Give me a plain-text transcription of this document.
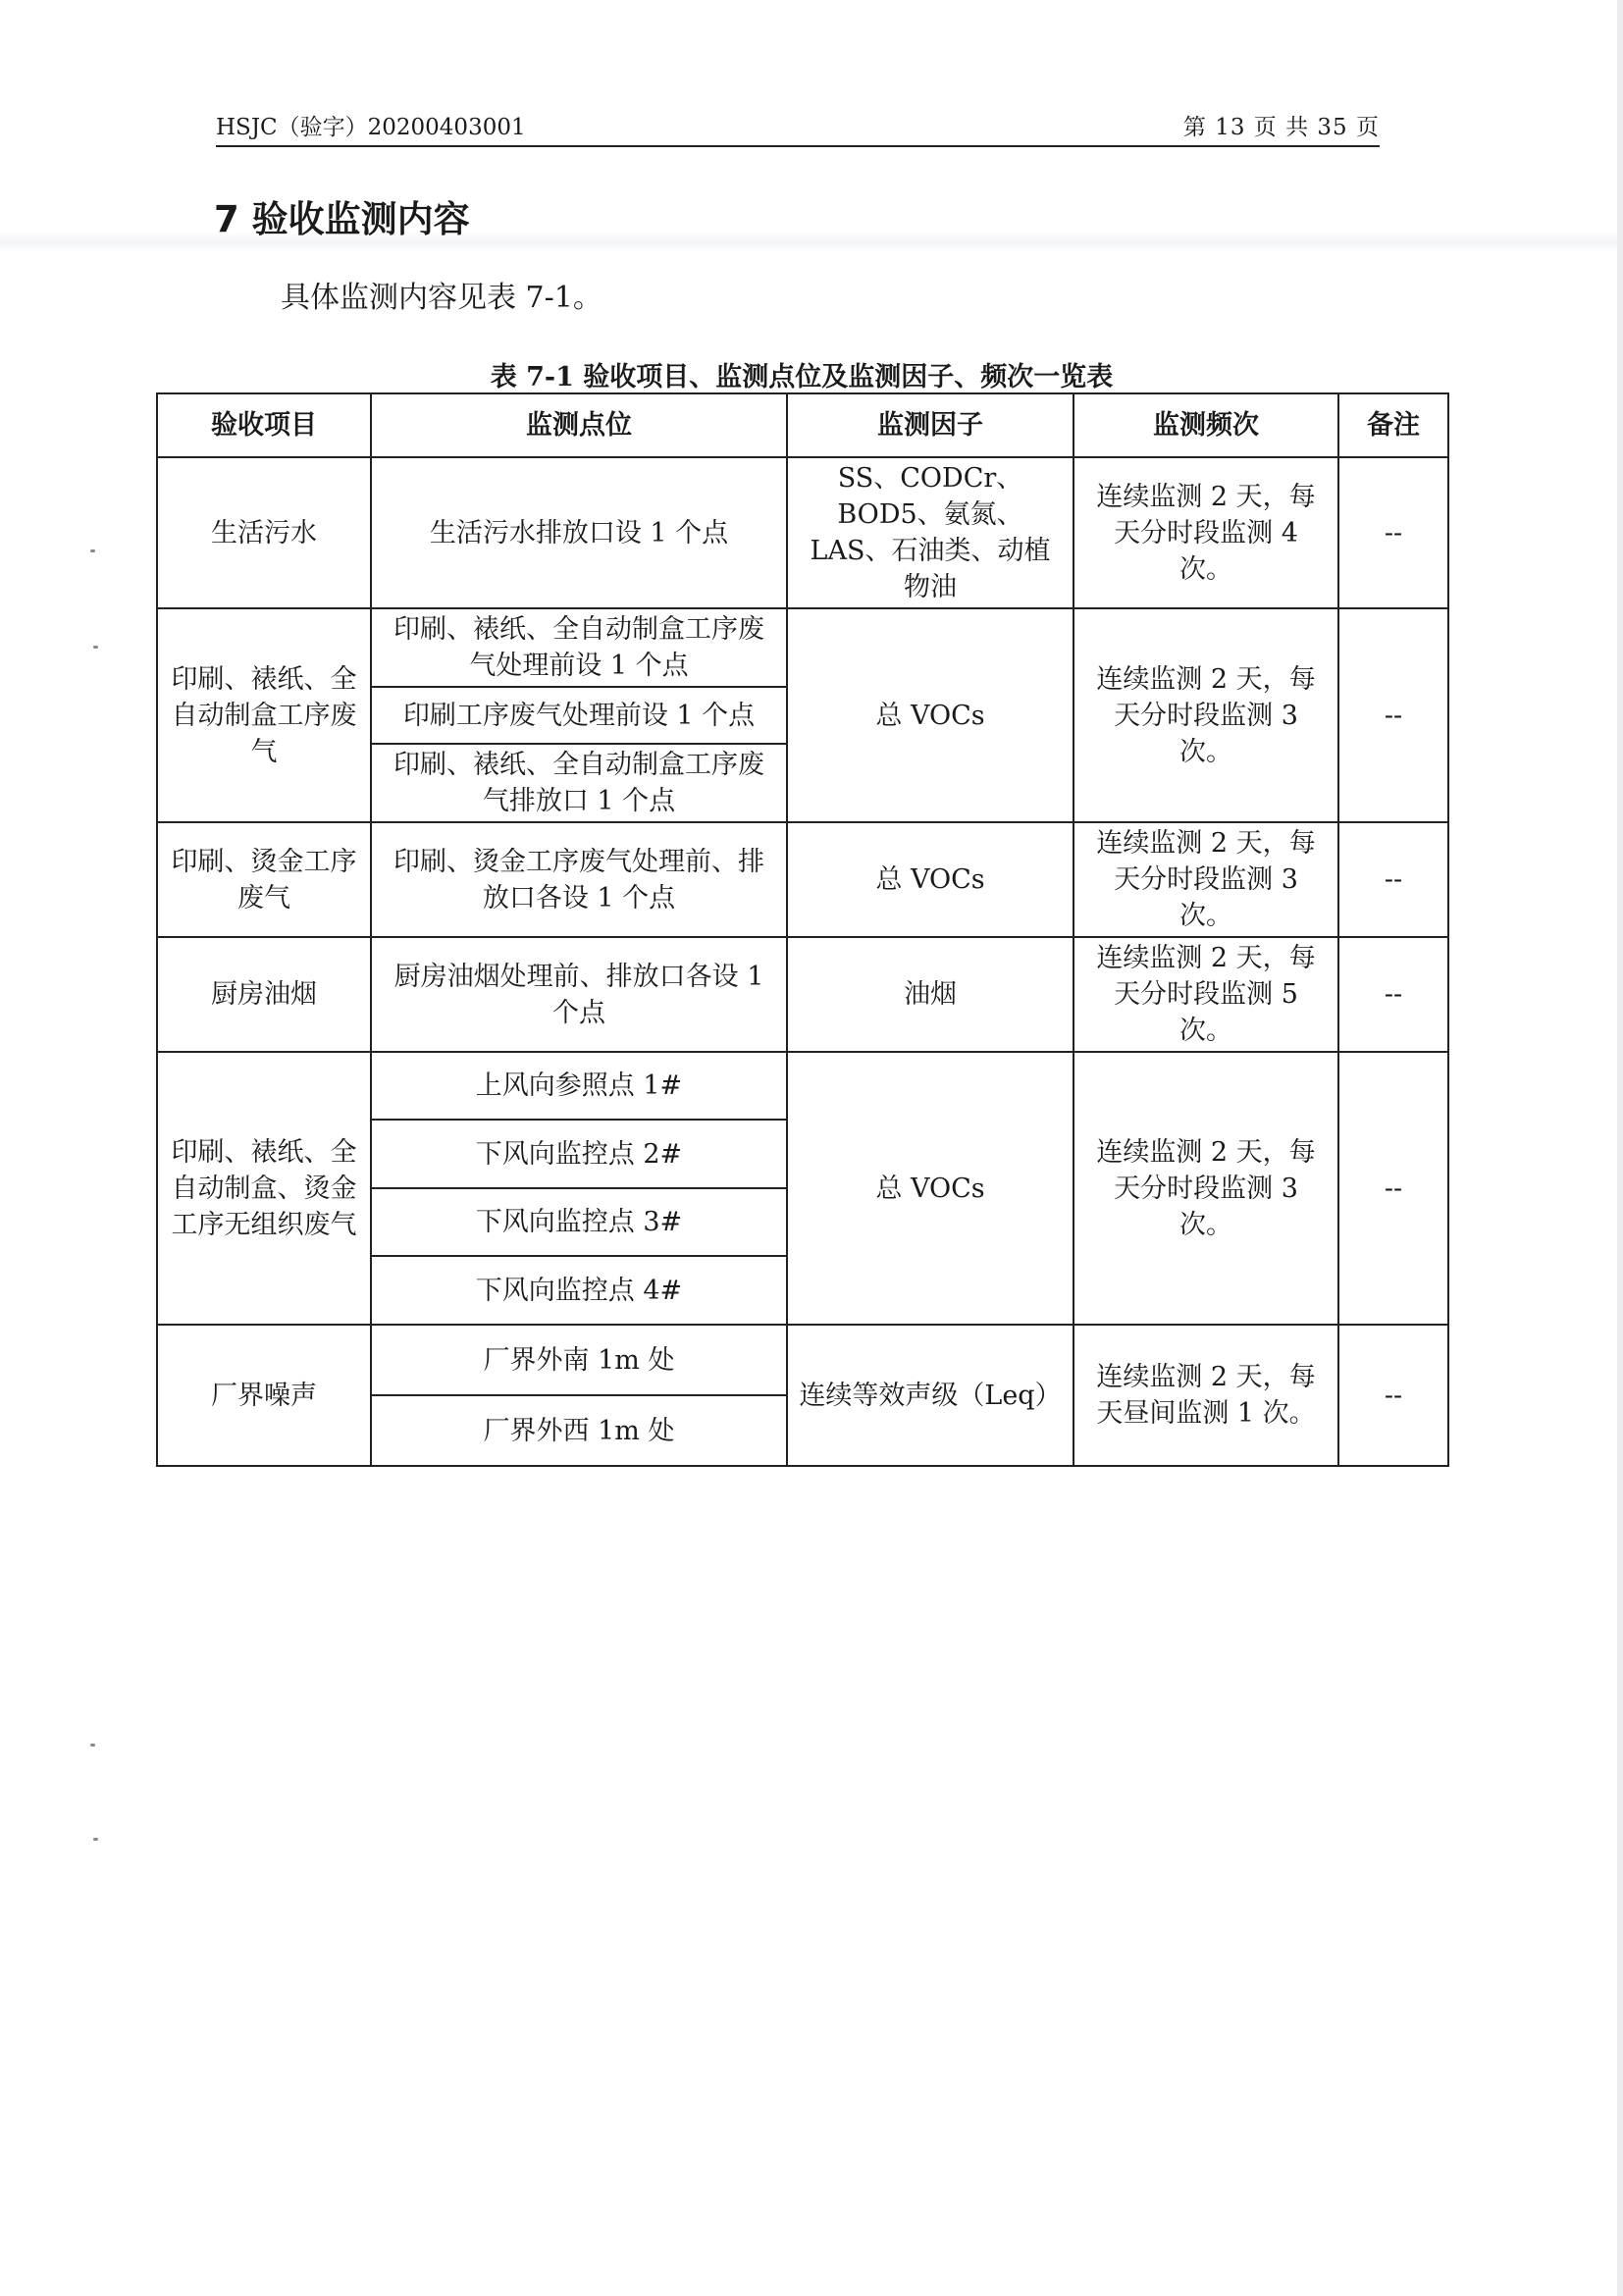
HSJC（验字）20200403001	第 13 页 共 35 页
7 验收监测内容
具体监测内容见表 7-1。
表 7-1 验收项目、监测点位及监测因子、频次一览表
验收项目	监测点位	监测因子	监测频次	备注
生活污水	生活污水排放口设 1 个点	SS、CODCr、BOD5、氨氮、LAS、石油类、动植物油	连续监测 2 天，每天分时段监测 4 次。	--
印刷、裱纸、全自动制盒工序废气	印刷、裱纸、全自动制盒工序废气处理前设 1 个点	总 VOCs	连续监测 2 天，每天分时段监测 3 次。	--
	印刷工序废气处理前设 1 个点			
	印刷、裱纸、全自动制盒工序废气排放口 1 个点			
印刷、烫金工序废气	印刷、烫金工序废气处理前、排放口各设 1 个点	总 VOCs	连续监测 2 天，每天分时段监测 3 次。	--
厨房油烟	厨房油烟处理前、排放口各设 1 个点	油烟	连续监测 2 天，每天分时段监测 5 次。	--
印刷、裱纸、全自动制盒、烫金工序无组织废气	上风向参照点 1#	总 VOCs	连续监测 2 天，每天分时段监测 3 次。	--
	下风向监控点 2#			
	下风向监控点 3#			
	下风向监控点 4#			
厂界噪声	厂界外南 1m 处	连续等效声级（Leq）	连续监测 2 天，每天昼间监测 1 次。	--
	厂界外西 1m 处			
